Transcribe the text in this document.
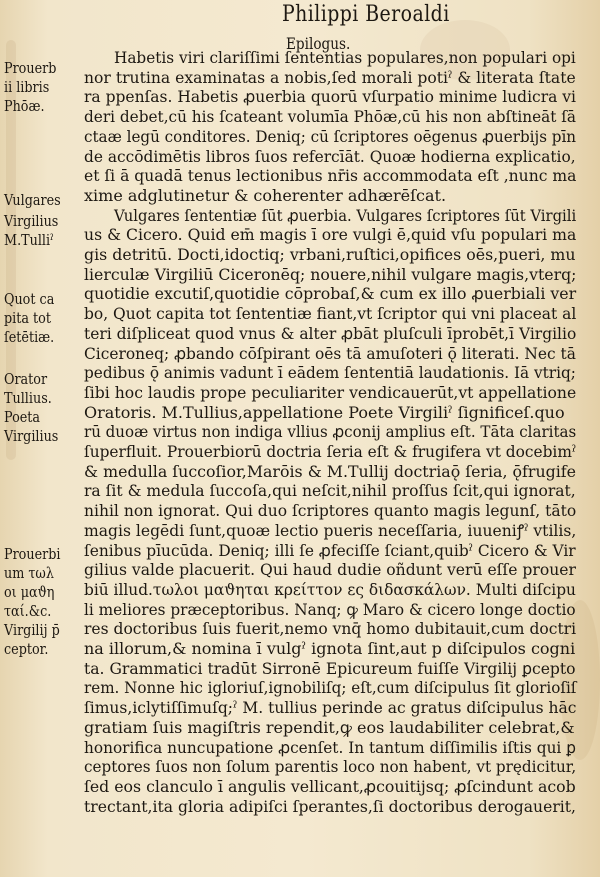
Philippi Beroaldi
Epilogus.
Prouerb
ii libris
Phōæ.
Vulgares
Virgilius
M.Tulliˀ
Quot ca
pita tot
ſetētiæ.
Orator
Tullius.
Poeta
Virgilius
Prouerbi
um τωλ
οι μαϑη
ταί.&c.
Virgilij p̄
ceptor.
Habetis viri clariſſimi ſententias populares,non populari opi
nor trutina examinatas a nobis,ſed morali potiˀ & literata ſtate
ra ppenſas. Habetis ꝓuerbia quorū vſurpatio minime ludicra vi
deri debet,cū his ſcateant volumīa Phōæ,cū his non abſtineāt ſā
ctaæ legū conditores. Deniq; cū ſcriptores oēgenus ꝓuerbijs pīn
de accōdimētis libros ſuos refercīāt. Quoæ hodierna explicatio,
et ſi ā quadā tenus lectionibus nr̄is accommodata eſt ,nunc ma
xime adglutinetur & coherenter adhærēſcat.
Vulgares ſententiæ ſūt ꝓuerbia. Vulgares ſcriptores ſūt Virgili
us & Cicero. Quid em̄ magis ī ore vulgi ē,quid vſu populari ma
gis detritū. Docti,idoctiq; vrbani,ruſtici,opifices oēs,pueri, mu
lierculæ Virgiliū Ciceronēq; nouere,nihil vulgare magis,vterq;
quotidie excutiſ,quotidie cōprobaſ,& cum ex illo ꝓuerbiali ver
bo, Quot capita tot ſententiæ fiant,vt ſcriptor qui vni placeat al
teri diſpliceat quod vnus & alter ꝓbāt pluſculi īprobēt,ī Virgilio
Ciceroneq; ꝓbando cōſpirant oēs tā amuſoteri ǭ literati. Nec tā
pedibus ǭ animis vadunt ī eādem ſententiā laudationis. Iā vtriq;
ſibi hoc laudis prope peculiariter vendicauerūt,vt appellatione
Oratoris. M.Tullius,appellatione Poete Virgiliˀ ſignificeſ.quo
rū duoæ virtus non indiga vllius ꝓconij amplius eſt. Tāta claritas
ſuperfluit. Prouerbiorū doctria ſeria eſt & frugifera vt docebimˀ
& medulla ſuccoſior,Marōis & M.Tullij doctriaǭ ſeria, ǭfrugife
ra ſit & medula ſuccoſa,qui neſcit,nihil proſſus ſcit,qui ignorat,
nihil non ignorat. Qui duo ſcriptores quanto magis legunſ, tāto
magis legēdi ſunt,quoæ lectio pueris neceſſaria, iuueniꝭˀ vtilis,
ſenibus pīucūda. Deniq; illi ſe ꝓfeciſſe ſciant,quibˀ Cicero & Vir
gilius valde placuerit. Qui haud dudie oñdunt verū eſſe prouer
biū illud.τωλοι μαϑηται κρείττον ες διδασκάλων. Multi diſcipu
li meliores præceptoribus. Nanq; ꝙ Maro & cicero longe doctio
res doctoribus ſuis fuerit,nemo vnq̄ homo dubitauit,cum doctri
na illorum,& nomina ī vulgˀ ignota ſint,aut p diſcipulos cogni
ta. Grammatici tradūt Sirronē Epicureum fuiſſe Virgilij ꝑcepto
rem. Nonne hic igloriuſ,ignobiliſq; eſt,cum diſcipulus ſit glorioſiſ
ſimus,iclytiſſimuſq;ˀ M. tullius perinde ac gratus diſcipulus hāc
gratiam ſuis magiſtris rependit,ꝙ eos laudabiliter celebrat,&
honorifica nuncupatione ꝓcenſet. In tantum diſſimilis iſtis qui ꝑ
ceptores ſuos non ſolum parentis loco non habent, vt prędicitur,
ſed eos clanculo ī angulis vellicant,ꝓcouitijsq; ꝓſcindunt acob
trectant,ita gloria adipiſci ſperantes,ſi doctoribus derogauerit,
